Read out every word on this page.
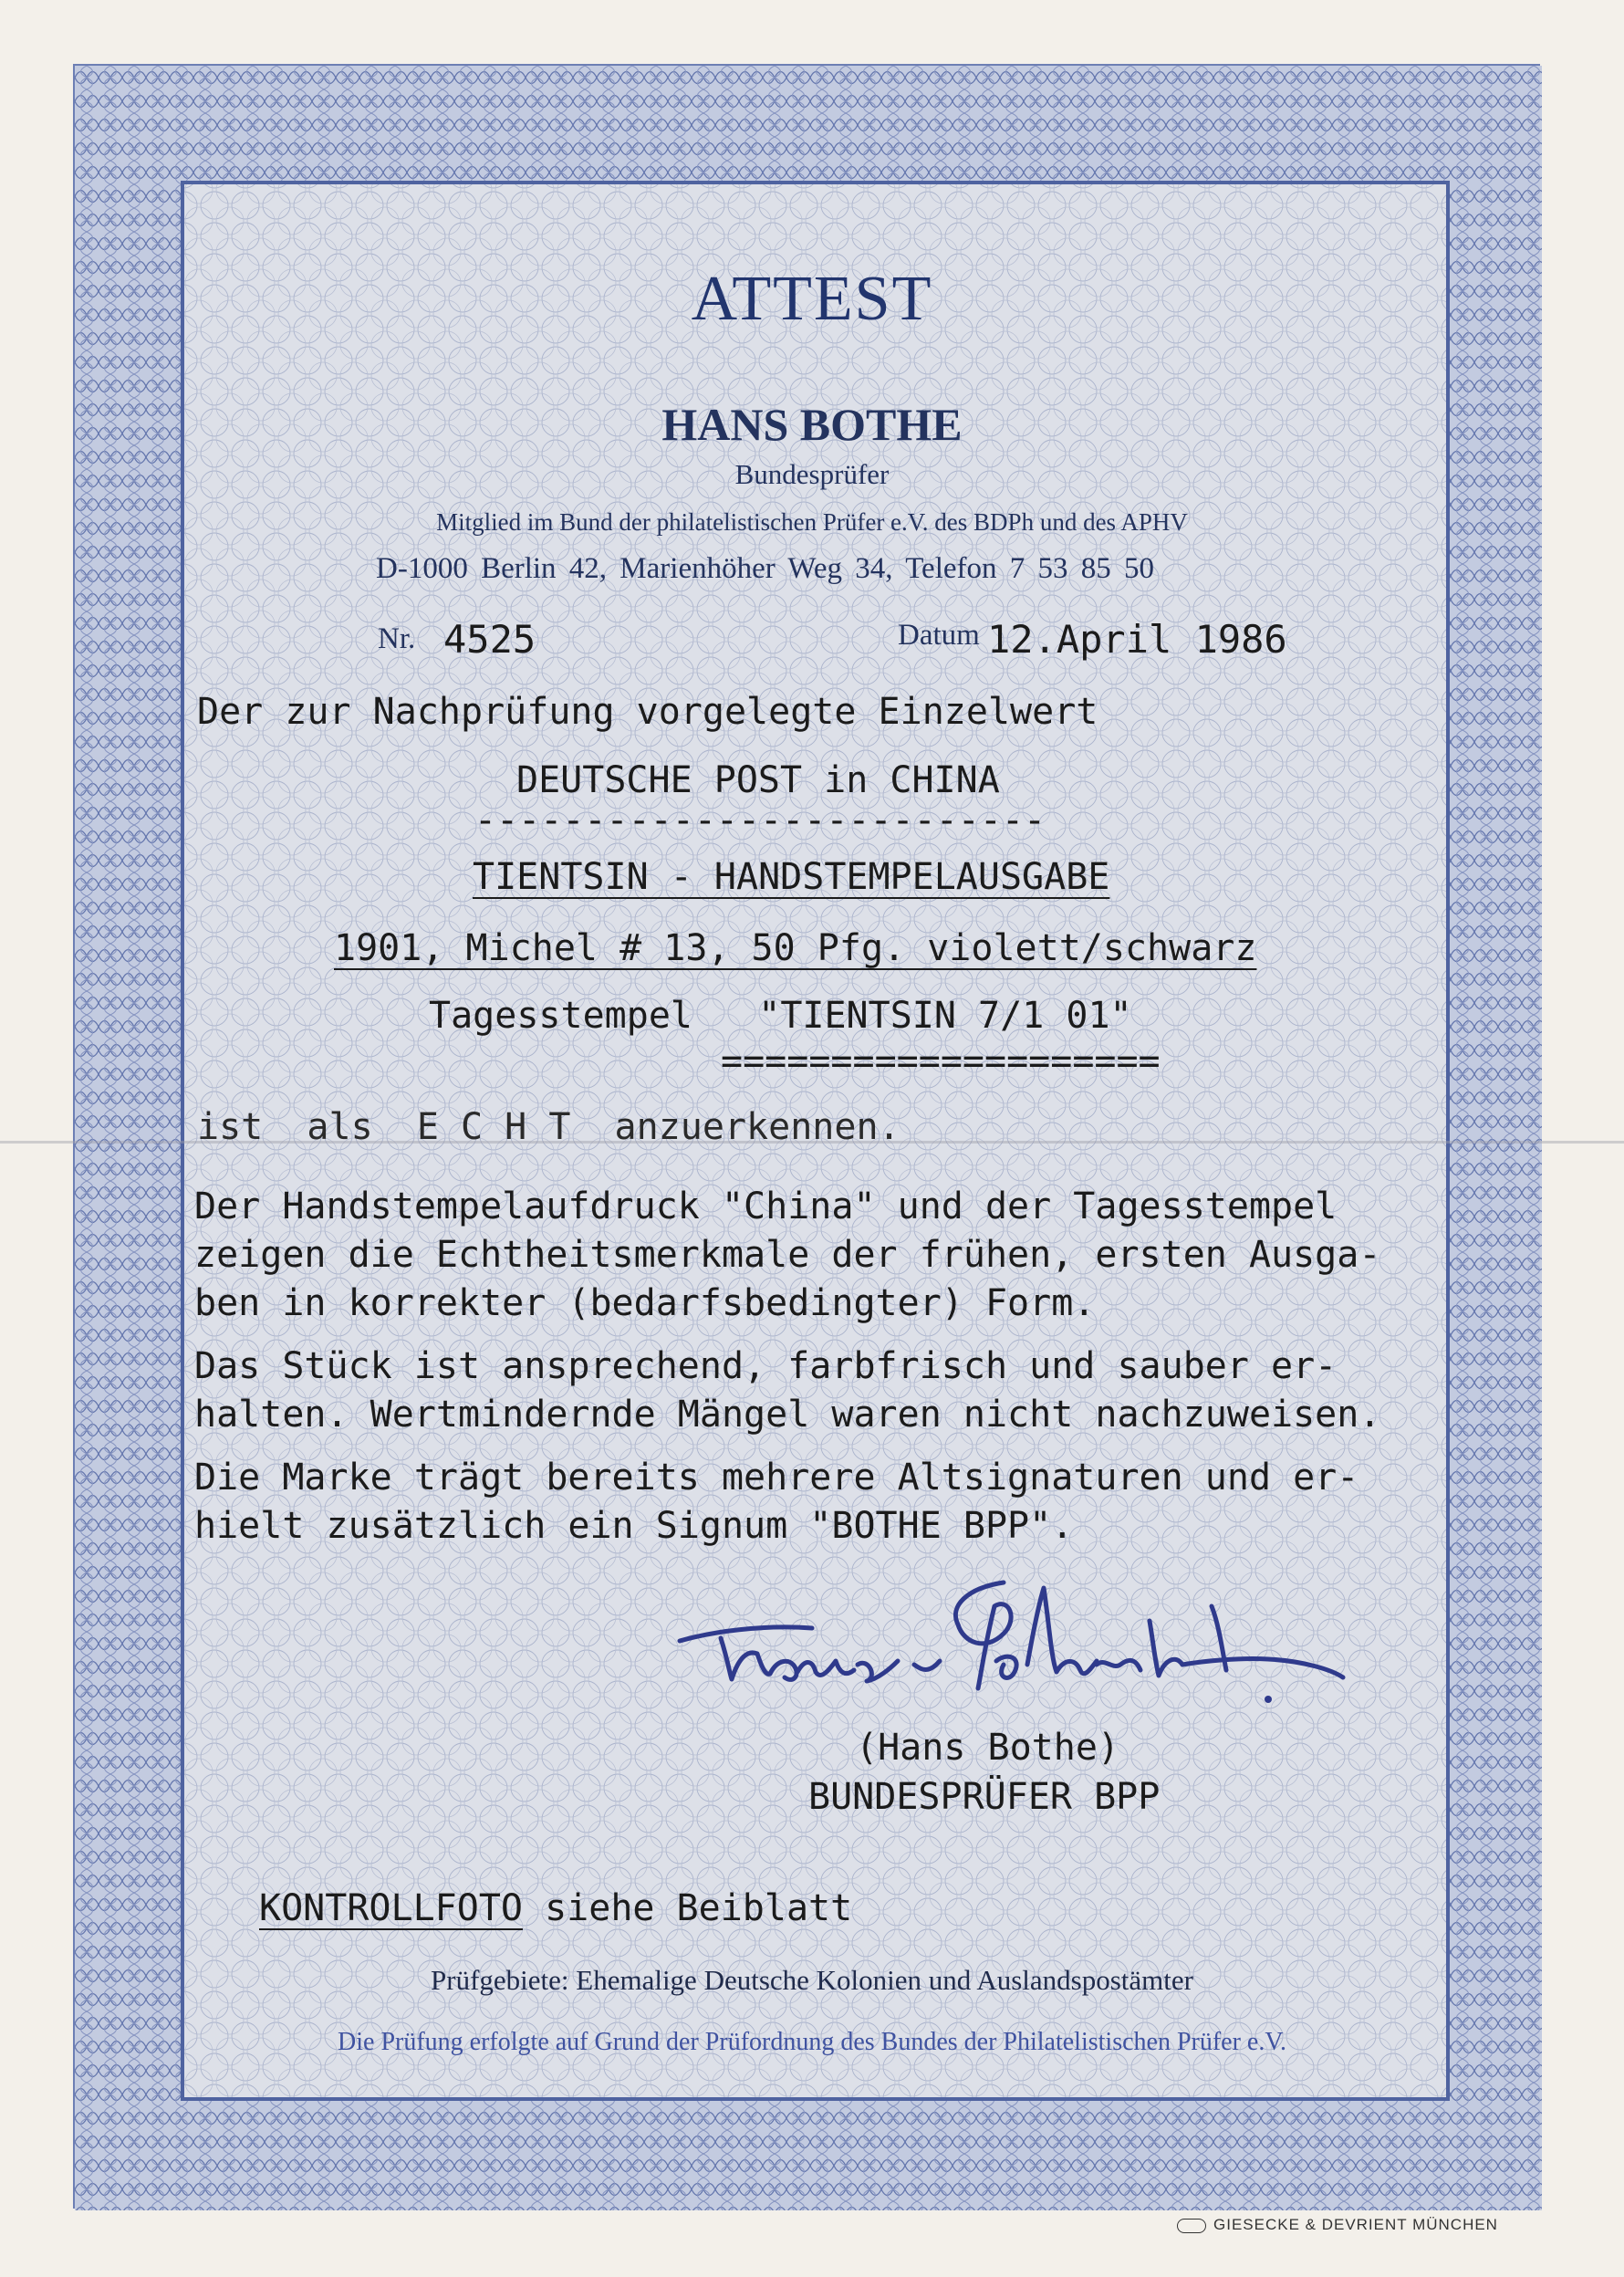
ATTEST
HANS BOTHE
Bundesprüfer
Mitglied im Bund der philatelistischen Prüfer e.V. des BDPh und des APHV
D-1000 Berlin 42, Marienhöher Weg 34, Telefon 7 53 85 50
Nr. 4525	Datum 12.April 1986
Der zur Nachprüfung vorgelegte Einzelwert
DEUTSCHE POST in CHINA
--------------------------
TIENTSIN - HANDSTEMPELAUSGABE
1901, Michel # 13, 50 Pfg. violett/schwarz
Tagesstempel   "TIENTSIN 7/1 01"
====================
ist  als  E C H T  anzuerkennen.
Der Handstempelaufdruck "China" und der Tagesstempel
zeigen die Echtheitsmerkmale der frühen, ersten Ausga-
ben in korrekter (bedarfsbedingter) Form.
Das Stück ist ansprechend, farbfrisch und sauber er-
halten. Wertmindernde Mängel waren nicht nachzuweisen.
Die Marke trägt bereits mehrere Altsignaturen und er-
hielt zusätzlich ein Signum "BOTHE BPP".
(Hans Bothe)
BUNDESPRÜFER BPP
KONTROLLFOTO siehe Beiblatt
Prüfgebiete: Ehemalige Deutsche Kolonien und Auslandspostämter
Die Prüfung erfolgte auf Grund der Prüfordnung des Bundes der Philatelistischen Prüfer e.V.
GIESECKE & DEVRIENT MÜNCHEN
